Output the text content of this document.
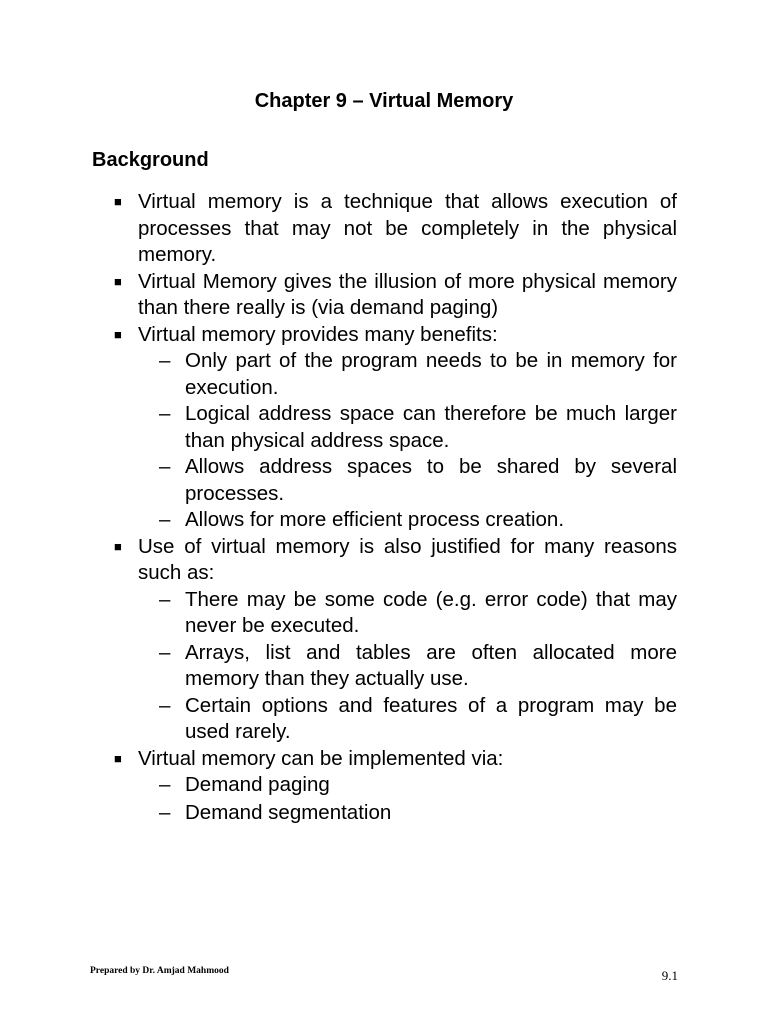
Chapter 9 – Virtual Memory
Background
■ Virtual memory is a technique that allows execution of processes that may not be completely in the physical memory.
■ Virtual Memory gives the illusion of more physical memory than there really is (via demand paging)
■ Virtual memory provides many benefits:
– Only part of the program needs to be in memory for execution.
– Logical address space can therefore be much larger than physical address space.
– Allows address spaces to be shared by several processes.
– Allows for more efficient process creation.
■ Use of virtual memory is also justified for many reasons such as:
– There may be some code (e.g. error code) that may never be executed.
– Arrays, list and tables are often allocated more memory than they actually use.
– Certain options and features of a program may be used rarely.
■ Virtual memory can be implemented via:
– Demand paging
– Demand segmentation
Prepared by Dr. Amjad Mahmood	9.1
